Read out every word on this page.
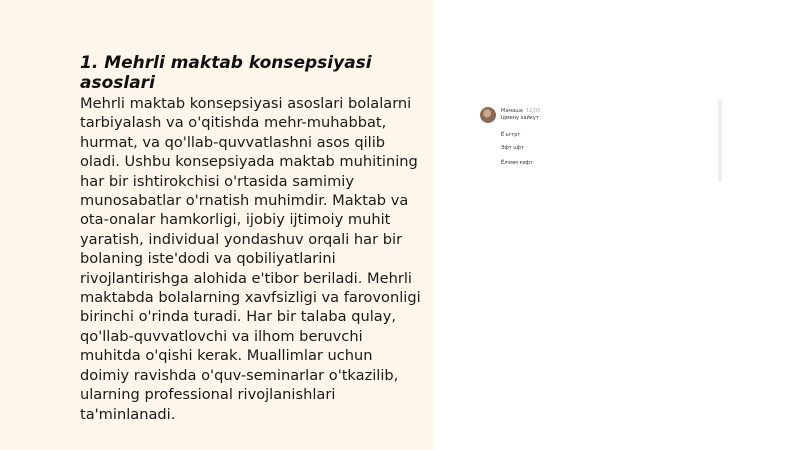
1. Mehrli maktab konsepsiyasi asoslari
Mehrli maktab konsepsiyasi asoslari bolalarni tarbiyalash va o'qitishda mehr-muhabbat, hurmat, va qo'llab-quvvatlashni asos qilib oladi. Ushbu konsepsiyada maktab muhitining har bir ishtirokchisi o'rtasida samimiy munosabatlar o'rnatish muhimdir. Maktab va ota-onalar hamkorligi, ijobiy ijtimoiy muhit yaratish, individual yondashuv orqali har bir bolaning iste'dodi va qobiliyatlarini rivojlantirishga alohida e'tibor beriladi. Mehrli maktabda bolalarning xavfsizligi va farovonligi birinchi o'rinda turadi. Har bir talaba qulay, qo'llab-quvvatlovchi va ilhom beruvchi muhitda o'qishi kerak. Muallimlar uchun doimiy ravishda o'quv-seminarlar o'tkazilib, ularning professional rivojlanishlari ta'minlanadi.
Мамаша 12:00
Ідмену хайкут
Ё ьгтрт
Эфт цфт
Ёлчмм ғифт
